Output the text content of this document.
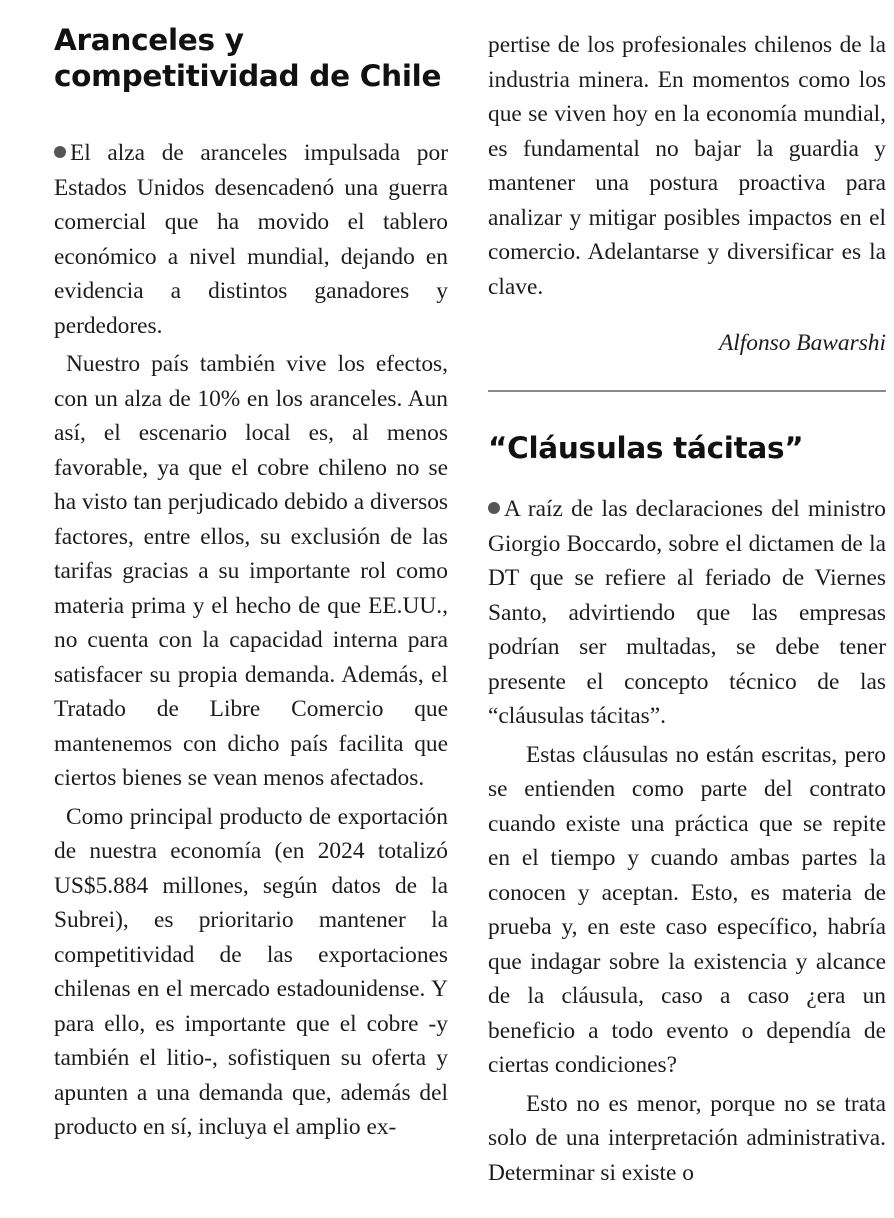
Aranceles y competitividad de Chile

El alza de aranceles impulsada por Estados Unidos desencadenó una guerra comercial que ha movido el tablero económico a nivel mundial, dejando en evidencia a distintos ganadores y perdedores.

Nuestro país también vive los efectos, con un alza de 10% en los aranceles. Aun así, el escenario local es, al menos favorable, ya que el cobre chileno no se ha visto tan perjudicado debido a diversos factores, entre ellos, su exclusión de las tarifas gracias a su importante rol como materia prima y el hecho de que EE.UU., no cuenta con la capacidad interna para satisfacer su propia demanda. Además, el Tratado de Libre Comercio que mantenemos con dicho país facilita que ciertos bienes se vean menos afectados.

Como principal producto de exportación de nuestra economía (en 2024 totalizó US$5.884 millones, según datos de la Subrei), es prioritario mantener la competitividad de las exportaciones chilenas en el mercado estadounidense. Y para ello, es importante que el cobre -y también el litio-, sofistiquen su oferta y apunten a una demanda que, además del producto en sí, incluya el amplio ex-

pertise de los profesionales chilenos de la industria minera. En momentos como los que se viven hoy en la economía mundial, es fundamental no bajar la guardia y mantener una postura proactiva para analizar y mitigar posibles impactos en el comercio. Adelantarse y diversificar es la clave.

Alfonso Bawarshi

“Cláusulas tácitas”

A raíz de las declaraciones del ministro Giorgio Boccardo, sobre el dictamen de la DT que se refiere al feriado de Viernes Santo, advirtiendo que las empresas podrían ser multadas, se debe tener presente el concepto técnico de las “cláusulas tácitas”.

Estas cláusulas no están escritas, pero se entienden como parte del contrato cuando existe una práctica que se repite en el tiempo y cuando ambas partes la conocen y aceptan. Esto, es materia de prueba y, en este caso específico, habría que indagar sobre la existencia y alcance de la cláusula, caso a caso ¿era un beneficio a todo evento o dependía de ciertas condiciones?

Esto no es menor, porque no se trata solo de una interpretación administrativa. Determinar si existe o
